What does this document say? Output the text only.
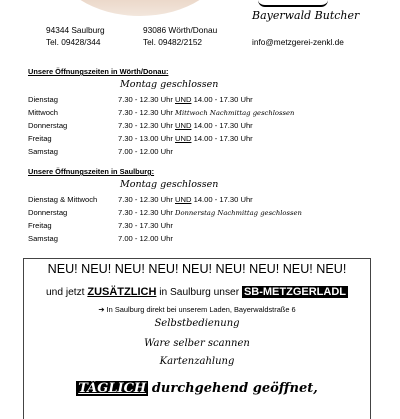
Bayerwald Butcher
94344 Saulburg
Tel. 09428/344
93086 Wörth/Donau
Tel. 09482/2152	info@metzgerei-zenkl.de
Unsere Öffnungszeiten in Wörth/Donau:
Montag geschlossen
Dienstag	7.30 - 12.30 Uhr UND 14.00 - 17.30 Uhr
Mittwoch	7.30 - 12.30 Uhr Mittwoch Nachmittag geschlossen
Donnerstag	7.30 - 12.30 Uhr UND 14.00 - 17.30 Uhr
Freitag	7.30 - 13.00 Uhr UND 14.00 - 17.30 Uhr
Samstag	7.00 - 12.00 Uhr
Unsere Öffnungszeiten in Saulburg:
Montag geschlossen
Dienstag & Mittwoch	7.30 - 12.30 Uhr UND 14.00 - 17.30 Uhr
Donnerstag	7.30 - 12.30 Uhr Donnerstag Nachmittag geschlossen
Freitag	7.30 - 17.30 Uhr
Samstag	7.00 - 12.00 Uhr
NEU! NEU! NEU! NEU! NEU! NEU! NEU! NEU! NEU!
und jetzt ZUSÄTZLICH in Saulburg unser SB-METZGERLADL
➔ In Saulburg direkt bei unserem Laden, Bayerwaldstraße 6
Selbstbedienung
Ware selber scannen
Kartenzahlung
TÄGLICH durchgehend geöffnet,
